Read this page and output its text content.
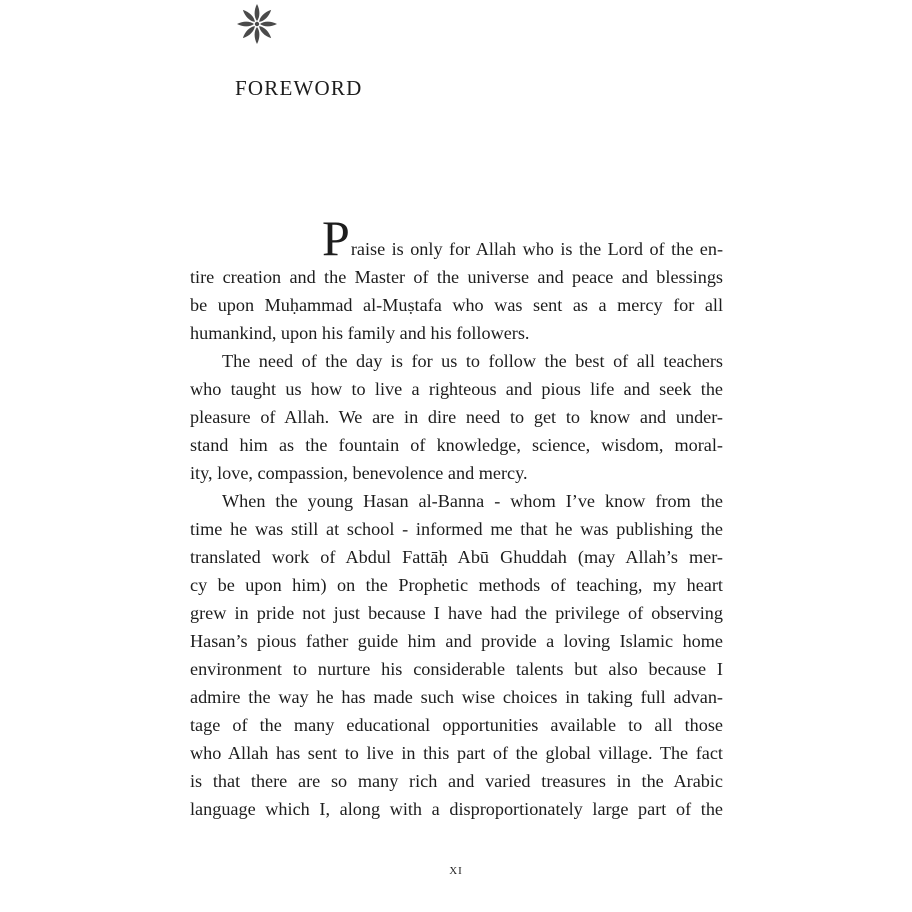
FOREWORD

Praise is only for Allah who is the Lord of the en-
tire creation and the Master of the universe and peace and blessings
be upon Muḥammad al-Muṣtafa who was sent as a mercy for all
humankind, upon his family and his followers.

The need of the day is for us to follow the best of all teachers
who taught us how to live a righteous and pious life and seek the
pleasure of Allah. We are in dire need to get to know and under-
stand him as the fountain of knowledge, science, wisdom, moral-
ity, love, compassion, benevolence and mercy.

When the young Hasan al-Banna - whom I’ve know from the
time he was still at school - informed me that he was publishing the
translated work of Abdul Fattāḥ Abū Ghuddah (may Allah’s mer-
cy be upon him) on the Prophetic methods of teaching, my heart
grew in pride not just because I have had the privilege of observing
Hasan’s pious father guide him and provide a loving Islamic home
environment to nurture his considerable talents but also because I
admire the way he has made such wise choices in taking full advan-
tage of the many educational opportunities available to all those
who Allah has sent to live in this part of the global village. The fact
is that there are so many rich and varied treasures in the Arabic
language which I, along with a disproportionately large part of the

xi
